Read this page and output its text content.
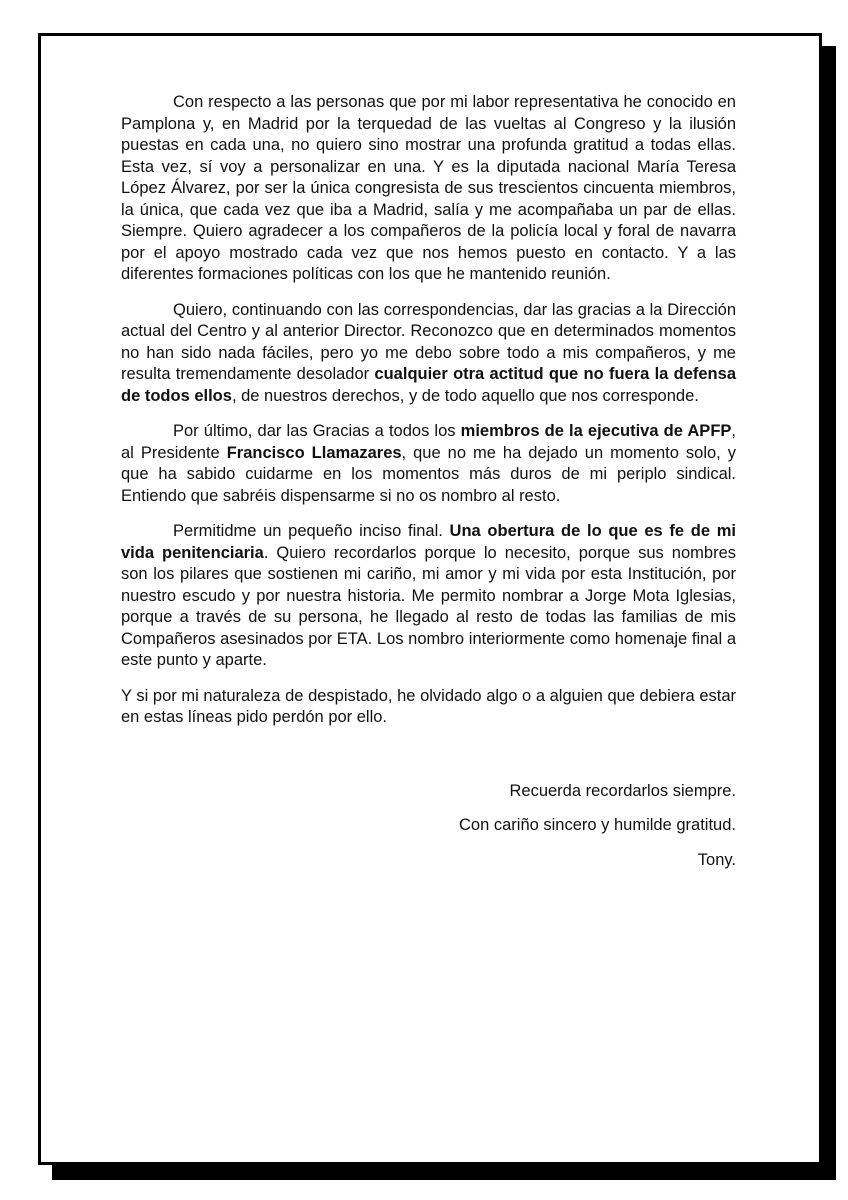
Con respecto a las personas que por mi labor representativa he conocido en Pamplona y, en Madrid por la terquedad de las vueltas al Congreso y la ilusión puestas en cada una, no quiero sino mostrar una profunda gratitud a todas ellas. Esta vez, sí voy a personalizar en una. Y es la diputada nacional María Teresa López Álvarez, por ser la única congresista de sus trescientos cincuenta miembros, la única, que cada vez que iba a Madrid, salía y me acompañaba un par de ellas. Siempre. Quiero agradecer a los compañeros de la policía local y foral de navarra por el apoyo mostrado cada vez que nos hemos puesto en contacto. Y a las diferentes formaciones políticas con los que he mantenido reunión.

Quiero, continuando con las correspondencias, dar las gracias a la Dirección actual del Centro y al anterior Director. Reconozco que en determinados momentos no han sido nada fáciles, pero yo me debo sobre todo a mis compañeros, y me resulta tremendamente desolador cualquier otra actitud que no fuera la defensa de todos ellos, de nuestros derechos, y de todo aquello que nos corresponde.

Por último, dar las Gracias a todos los miembros de la ejecutiva de APFP, al Presidente Francisco Llamazares, que no me ha dejado un momento solo, y que ha sabido cuidarme en los momentos más duros de mi periplo sindical. Entiendo que sabréis dispensarme si no os nombro al resto.

Permitidme un pequeño inciso final. Una obertura de lo que es fe de mi vida penitenciaria. Quiero recordarlos porque lo necesito, porque sus nombres son los pilares que sostienen mi cariño, mi amor y mi vida por esta Institución, por nuestro escudo y por nuestra historia. Me permito nombrar a Jorge Mota Iglesias, porque a través de su persona, he llegado al resto de todas las familias de mis Compañeros asesinados por ETA. Los nombro interiormente como homenaje final a este punto y aparte.

Y si por mi naturaleza de despistado, he olvidado algo o a alguien que debiera estar en estas líneas pido perdón por ello.

Recuerda recordarlos siempre.

Con cariño sincero y humilde gratitud.

Tony.
